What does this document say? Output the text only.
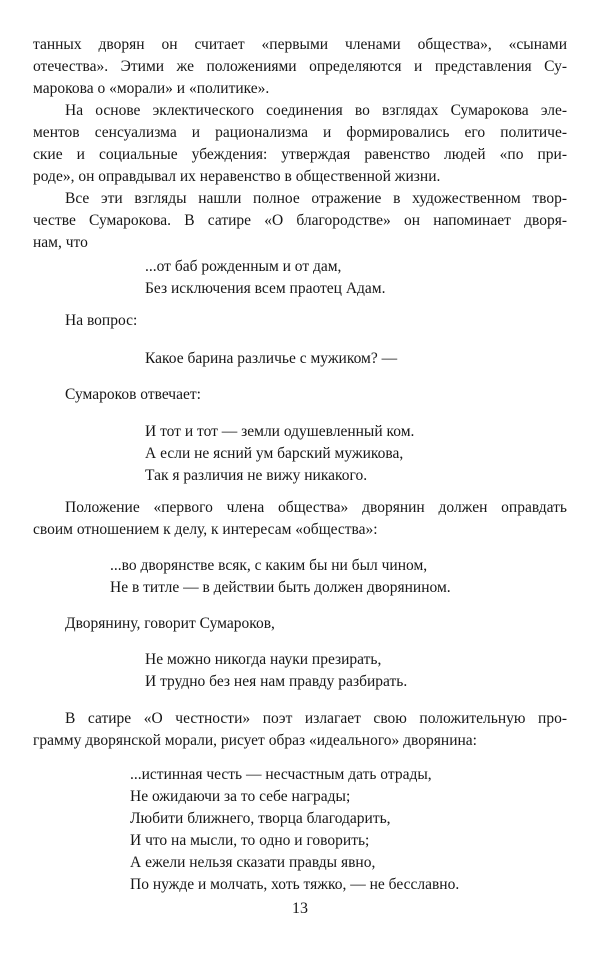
танных дворян он считает «первыми членами общества», «сынами
отечества». Этими же положениями определяются и представления Су-
марокова о «морали» и «политике».
На основе эклектического соединения во взглядах Сумарокова эле-
ментов сенсуализма и рационализма и формировались его политиче-
ские и социальные убеждения: утверждая равенство людей «по при-
роде», он оправдывал их неравенство в общественной жизни.
Все эти взгляды нашли полное отражение в художественном твор-
честве Сумарокова. В сатире «О благородстве» он напоминает дворя-
нам, что
...от баб рожденным и от дам,
Без исключения всем праотец Адам.
На вопрос:
Какое барина различье с мужиком? —
Сумароков отвечает:
И тот и тот — земли одушевленный ком.
А если не ясний ум барский мужикова,
Так я различия не вижу никакого.
Положение «первого члена общества» дворянин должен оправдать
своим отношением к делу, к интересам «общества»:
...во дворянстве всяк, с каким бы ни был чином,
Не в титле — в действии быть должен дворянином.
Дворянину, говорит Сумароков,
Не можно никогда науки презирать,
И трудно без нея нам правду разбирать.
В сатире «О честности» поэт излагает свою положительную про-
грамму дворянской морали, рисует образ «идеального» дворянина:
...истинная честь — несчастным дать отрады,
Не ожидаючи за то себе награды;
Любити ближнего, творца благодарить,
И что на мысли, то одно и говорить;
А ежели нельзя сказати правды явно,
По нужде и молчать, хоть тяжко, — не бесславно.
13
